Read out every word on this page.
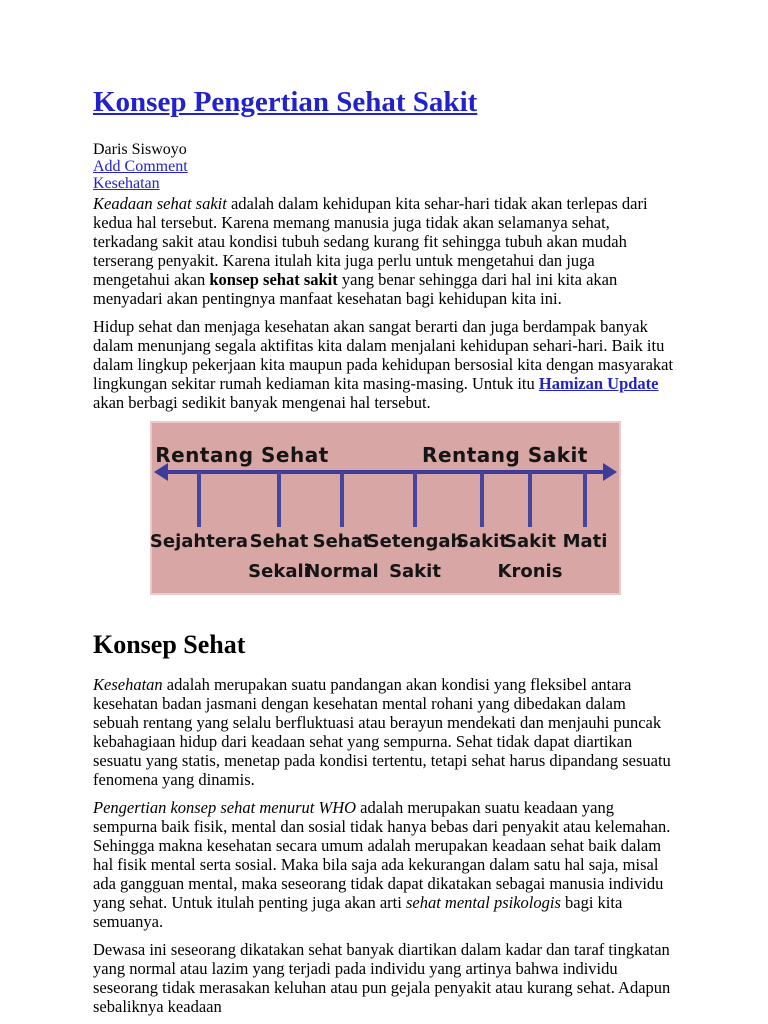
Konsep Pengertian Sehat Sakit
Daris Siswoyo
Add Comment
Kesehatan

Keadaan sehat sakit adalah dalam kehidupan kita sehar-hari tidak akan terlepas dari kedua hal tersebut. Karena memang manusia juga tidak akan selamanya sehat, terkadang sakit atau kondisi tubuh sedang kurang fit sehingga tubuh akan mudah terserang penyakit. Karena itulah kita juga perlu untuk mengetahui dan juga mengetahui akan konsep sehat sakit yang benar sehingga dari hal ini kita akan menyadari akan pentingnya manfaat kesehatan bagi kehidupan kita ini.

Hidup sehat dan menjaga kesehatan akan sangat berarti dan juga berdampak banyak dalam menunjang segala aktifitas kita dalam menjalani kehidupan sehari-hari. Baik itu dalam lingkup pekerjaan kita maupun pada kehidupan bersosial kita dengan masyarakat lingkungan sekitar rumah kediaman kita masing-masing. Untuk itu Hamizan Update akan berbagi sedikit banyak mengenai hal tersebut.

Rentang Sehat	Rentang Sakit
Sejahtera Sehat
Sekali
Sehat
Normal
Setengah
Sakit
Sakit
Sakit
Kronis
Mati
Konsep Sehat

Kesehatan adalah merupakan suatu pandangan akan kondisi yang fleksibel antara kesehatan badan jasmani dengan kesehatan mental rohani yang dibedakan dalam sebuah rentang yang selalu berfluktuasi atau berayun mendekati dan menjauhi puncak kebahagiaan hidup dari keadaan sehat yang sempurna. Sehat tidak dapat diartikan sesuatu yang statis, menetap pada kondisi tertentu, tetapi sehat harus dipandang sesuatu fenomena yang dinamis.

Pengertian konsep sehat menurut WHO adalah merupakan suatu keadaan yang sempurna baik fisik, mental dan sosial tidak hanya bebas dari penyakit atau kelemahan. Sehingga makna kesehatan secara umum adalah merupakan keadaan sehat baik dalam hal fisik mental serta sosial. Maka bila saja ada kekurangan dalam satu hal saja, misal ada gangguan mental, maka seseorang tidak dapat dikatakan sebagai manusia individu yang sehat. Untuk itulah penting juga akan arti sehat mental psikologis bagi kita semuanya.

Dewasa ini seseorang dikatakan sehat banyak diartikan dalam kadar dan taraf tingkatan yang normal atau lazim yang terjadi pada individu yang artinya bahwa individu seseorang tidak merasakan keluhan atau pun gejala penyakit atau kurang sehat. Adapun sebaliknya keadaan
